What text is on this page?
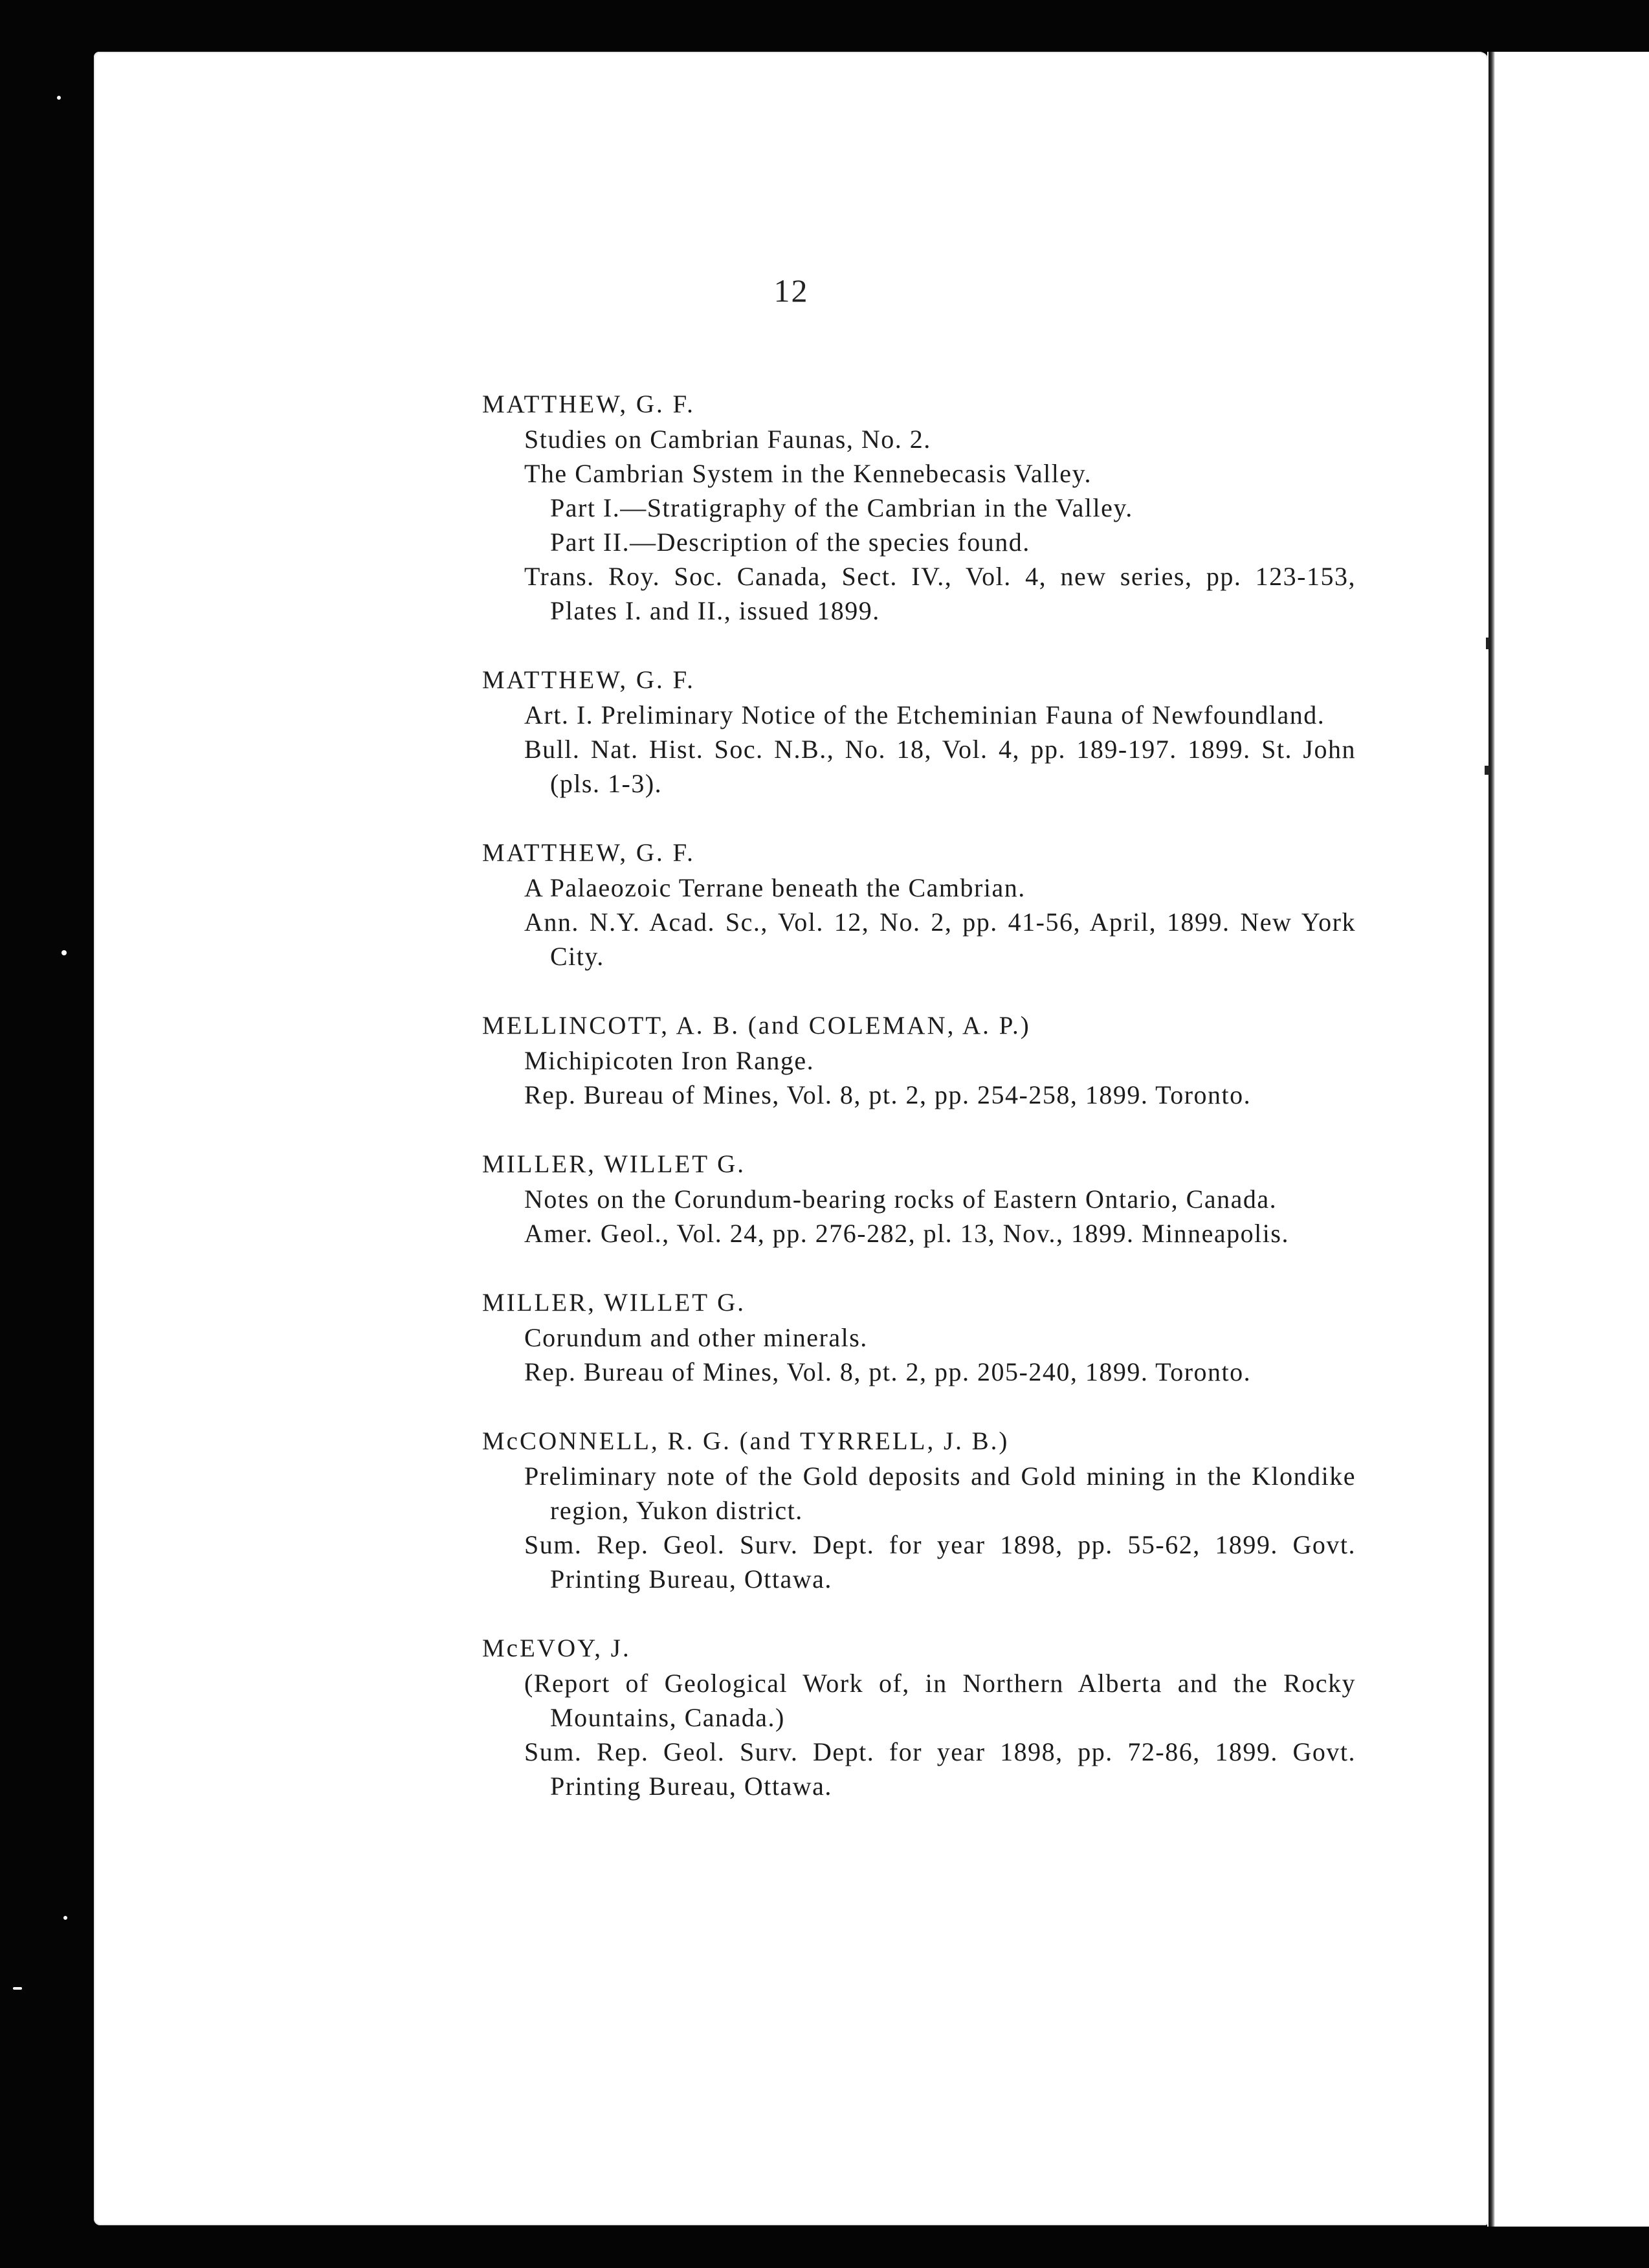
12
MATTHEW, G. F.
Studies on Cambrian Faunas, No. 2.
The Cambrian System in the Kennebecasis Valley.
Part I.—Stratigraphy of the Cambrian in the Valley.
Part II.—Description of the species found.
Trans. Roy. Soc. Canada, Sect. IV., Vol. 4, new series, pp. 123-153, Plates I. and II., issued 1899.
MATTHEW, G. F.
Art. I. Preliminary Notice of the Etcheminian Fauna of Newfoundland.
Bull. Nat. Hist. Soc. N.B., No. 18, Vol. 4, pp. 189-197. 1899. St. John (pls. 1-3).
MATTHEW, G. F.
A Palaeozoic Terrane beneath the Cambrian.
Ann. N.Y. Acad. Sc., Vol. 12, No. 2, pp. 41-56, April, 1899. New York City.
MELLINCOTT, A. B. (and COLEMAN, A. P.)
Michipicoten Iron Range.
Rep. Bureau of Mines, Vol. 8, pt. 2, pp. 254-258, 1899. Toronto.
MILLER, WILLET G.
Notes on the Corundum-bearing rocks of Eastern Ontario, Canada.
Amer. Geol., Vol. 24, pp. 276-282, pl. 13, Nov., 1899. Minneapolis.
MILLER, WILLET G.
Corundum and other minerals.
Rep. Bureau of Mines, Vol. 8, pt. 2, pp. 205-240, 1899. Toronto.
McCONNELL, R. G. (and TYRRELL, J. B.)
Preliminary note of the Gold deposits and Gold mining in the Klondike region, Yukon district.
Sum. Rep. Geol. Surv. Dept. for year 1898, pp. 55-62, 1899. Govt. Printing Bureau, Ottawa.
McEVOY, J.
(Report of Geological Work of, in Northern Alberta and the Rocky Mountains, Canada.)
Sum. Rep. Geol. Surv. Dept. for year 1898, pp. 72-86, 1899. Govt. Printing Bureau, Ottawa.
